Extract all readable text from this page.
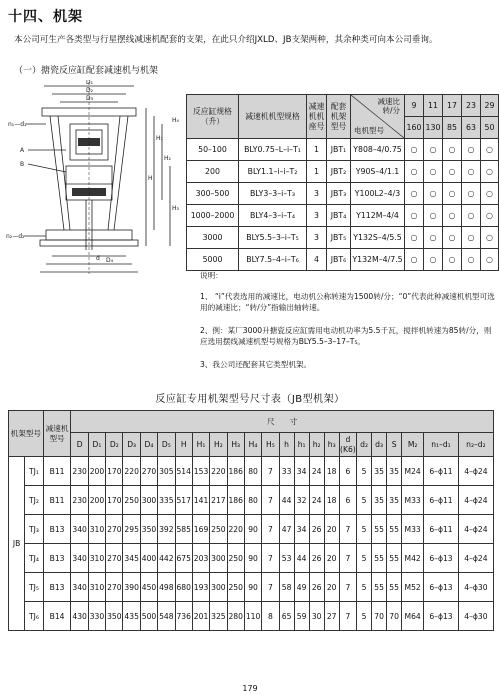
十四、机架
本公司可生产各类型与行星摆线减速机配套的支架，在此只介绍JXLD、JB支架两种，其余种类可向本公司垂询。
（一）搪瓷反应缸配套减速机与机架
D₁
D₂
D₃
n₁—d₁
A
B
n₂—d₂
H
H₁
H₂
H₃
H₄
d D₄
反应缸规格（升）	减速机机型规格	减速机机座号	配套机架型号	减速比
转/分
电机型号	9	11	17	23	29
					160	130	85	63	50
50–100	BLY0.75–L–i–T₁	1	JBT₁	Y808–4/0.75	○	○	○	○	○
200	BLY1.1–i–i–T₂	1	JBT₂	Y90S–4/1.1	○	○	○	○	○
300–500	BLY3–3–i–T₃	3	JBT₃	Y100L2–4/3	○	○	○	○	○
1000–2000	BLY4–3–i–T₄	3	JBT₄	Y112M–4/4	○	○	○	○	○
3000	BLY5.5–3–i–T₅	3	JBT₅	Y132S–4/5.5	○	○	○	○	○
5000	BLY7.5–4–i–T₆	4	JBT₆	Y132M–4/7.5	○	○	○	○	○
说明：
1、 “i”代表选用的减速比，电动机公称转速为1500转/分；“0”代表此种减速机机型可选用的减速比；“转/分”指输出轴转速。
2、例：某厂3000升搪瓷反应缸需用电动机功率为5.5千瓦，搅拌机转速为85转/分，则应选用摆线减速机型号规格为BLY5.5–3–17–T₅。
3、我公司还配套其它类型机架。
反应缸专用机架型号尺寸表（JB型机架）
机架型号		减速机型号	尺　　寸																						
			D	D₁	D₂	D₃	D₄	D₅	H	H₁	H₂	H₃	H₄	H₅	h	h₁	h₂	h₃	d (K6)	d₂	d₃	S	M₂	n₁–d₁	n₂–d₂
JB	TJ₁	B11	230	200	170	220	270	305	514	153	220	186	80	7	33	34	24	18	6	5	35	35	M24	6–ϕ11	4–ϕ24
	TJ₂	B11	230	200	170	250	300	335	517	141	217	186	80	7	44	32	24	18	6	5	35	35	M33	6–ϕ11	4–ϕ24
	TJ₃	B13	340	310	270	295	350	392	585	169	250	220	90	7	47	34	26	20	7	5	55	55	M33	6–ϕ11	4–ϕ24
	TJ₄	B13	340	310	270	345	400	442	675	203	300	250	90	7	53	44	26	20	7	5	55	55	M42	6–ϕ13	4–ϕ24
	TJ₅	B13	340	310	270	390	450	498	680	193	300	250	90	7	58	49	26	20	7	5	55	55	M52	6–ϕ13	4–ϕ30
	TJ₆	B14	430	330	350	435	500	548	736	201	325	280	110	8	65	59	30	27	7	5	70	70	M64	6–ϕ13	4–ϕ30
179
